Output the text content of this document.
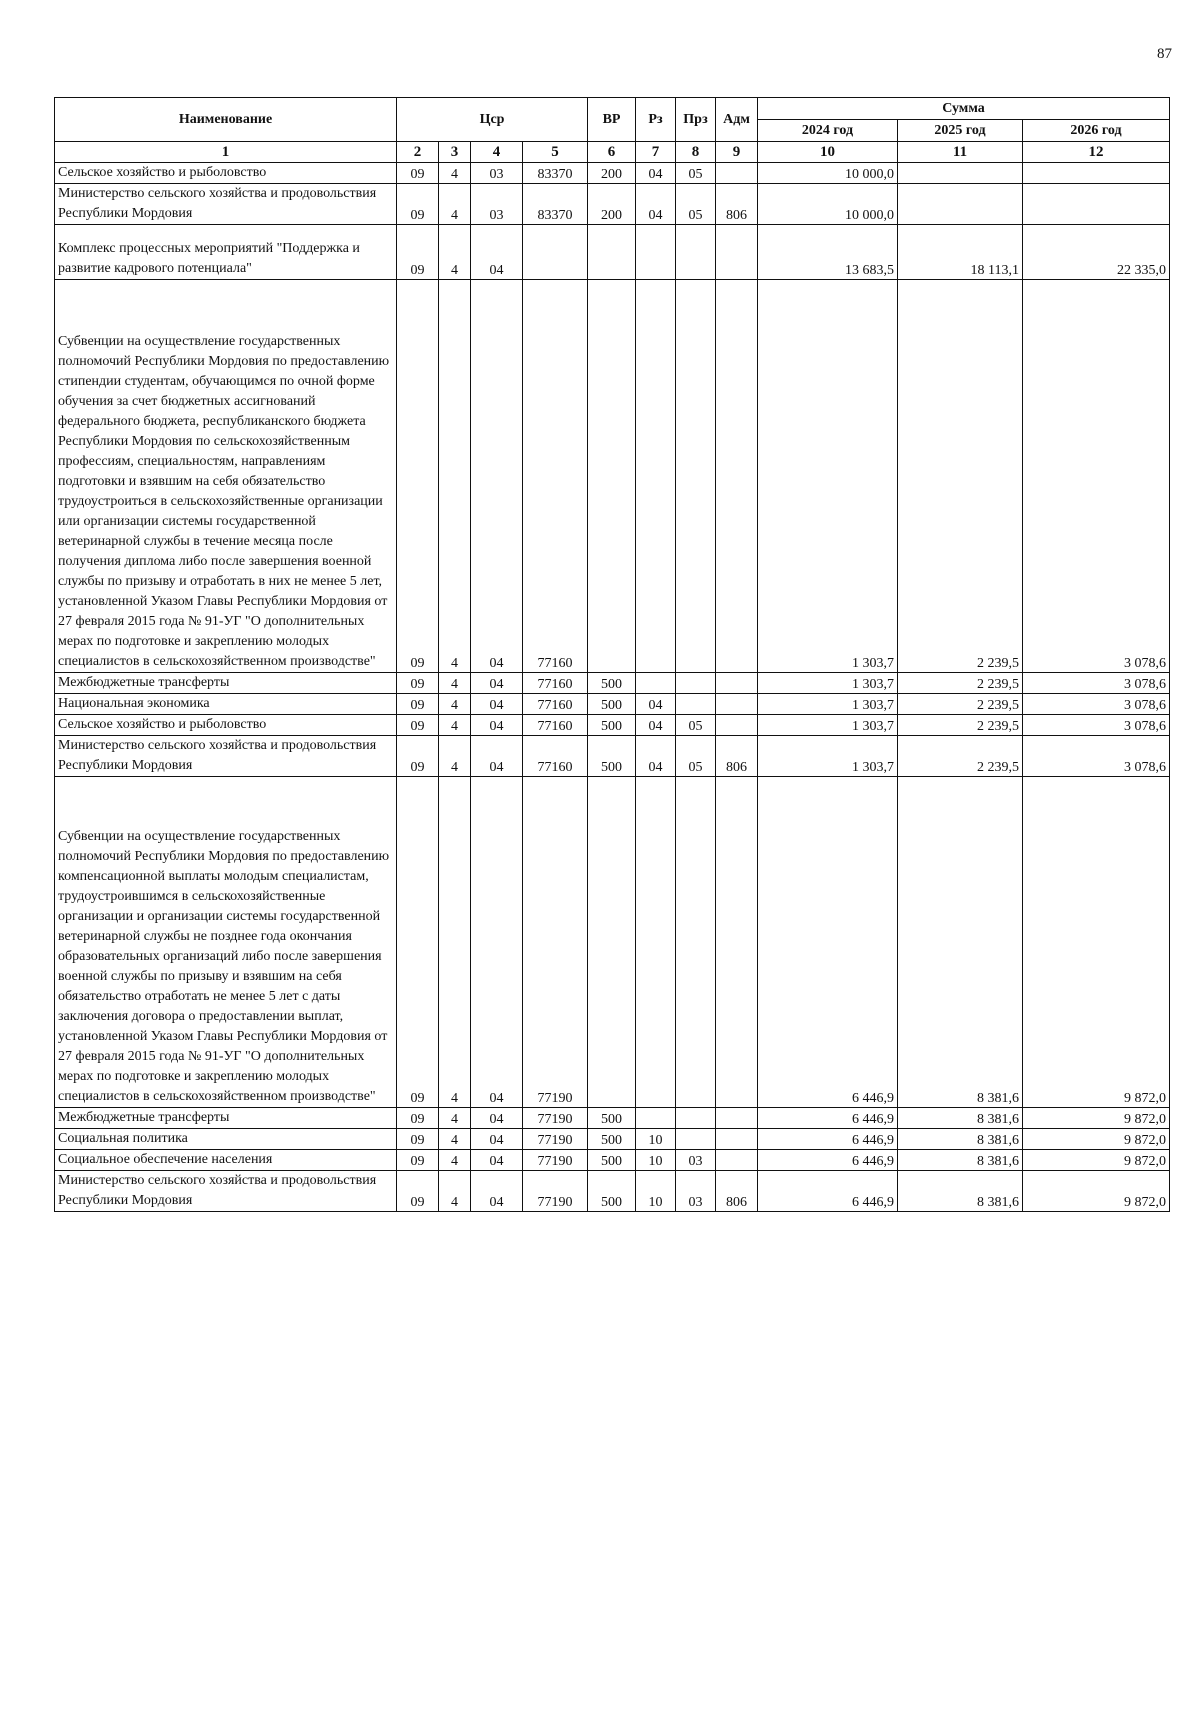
87
Наименование	Цср				ВР	Рз	Прз	Адм	Сумма		
									2024 год	2025 год	2026 год
1	2	3	4	5	6	7	8	9	10	11	12
Сельское хозяйство и рыболовство	09	4	03	83370	200	04	05		10 000,0		
Министерство сельского хозяйства и продовольствия Республики Мордовия	09	4	03	83370	200	04	05	806	10 000,0		
Комплекс процессных мероприятий "Поддержка и развитие кадрового потенциала"	09	4	04						13 683,5	18 113,1	22 335,0
Субвенции на осуществление государственных полномочий Республики Мордовия по предоставлению стипендии студентам, обучающимся по очной форме обучения за счет бюджетных ассигнований федерального бюджета, республиканского бюджета Республики Мордовия по сельскохозяйственным профессиям, специальностям, направлениям подготовки и взявшим на себя обязательство трудоустроиться в сельскохозяйственные организации или организации системы государственной ветеринарной службы в течение месяца после получения диплома либо после завершения военной службы по призыву и отработать в них не менее 5 лет, установленной Указом Главы Республики Мордовия от 27 февраля 2015 года № 91-УГ "О дополнительных мерах по подготовке и закреплению молодых специалистов в сельскохозяйственном производстве"	09	4	04	77160					1 303,7	2 239,5	3 078,6
Межбюджетные трансферты	09	4	04	77160	500				1 303,7	2 239,5	3 078,6
Национальная экономика	09	4	04	77160	500	04			1 303,7	2 239,5	3 078,6
Сельское хозяйство и рыболовство	09	4	04	77160	500	04	05		1 303,7	2 239,5	3 078,6
Министерство сельского хозяйства и продовольствия Республики Мордовия	09	4	04	77160	500	04	05	806	1 303,7	2 239,5	3 078,6
Субвенции на осуществление государственных полномочий Республики Мордовия по предоставлению компенсационной выплаты молодым специалистам, трудоустроившимся в сельскохозяйственные организации и организации системы государственной ветеринарной службы не позднее года окончания образовательных организаций либо после завершения военной службы по призыву и взявшим на себя обязательство отработать не менее 5 лет с даты заключения договора о предоставлении выплат, установленной Указом Главы Республики Мордовия от 27 февраля 2015 года № 91-УГ "О дополнительных мерах по подготовке и закреплению молодых специалистов в сельскохозяйственном производстве"	09	4	04	77190					6 446,9	8 381,6	9 872,0
Межбюджетные трансферты	09	4	04	77190	500				6 446,9	8 381,6	9 872,0
Социальная политика	09	4	04	77190	500	10			6 446,9	8 381,6	9 872,0
Социальное обеспечение населения	09	4	04	77190	500	10	03		6 446,9	8 381,6	9 872,0
Министерство сельского хозяйства и продовольствия Республики Мордовия	09	4	04	77190	500	10	03	806	6 446,9	8 381,6	9 872,0
